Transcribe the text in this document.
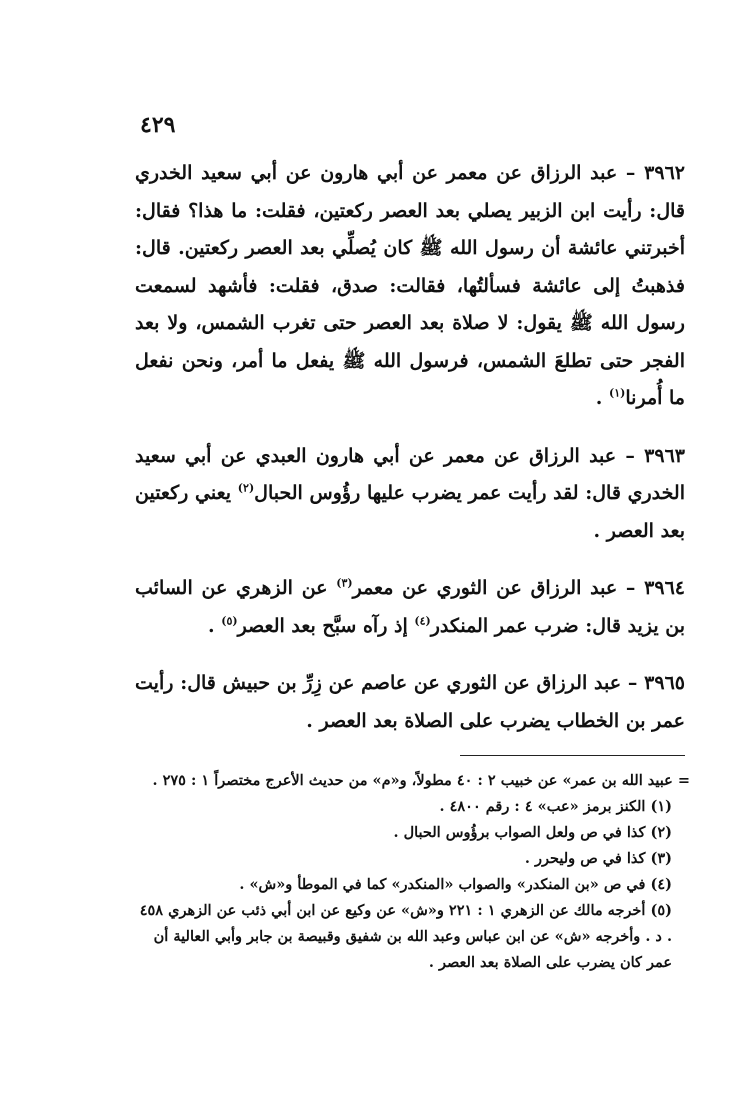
٤٢٩

٣٩٦٢ – عبد الرزاق عن معمر عن أبي هارون عن أبي سعيد الخدري قال: رأيت ابن الزبير يصلي بعد العصر ركعتين، فقلت: ما هذا؟ فقال: أخبرتني عائشة أن رسول الله ﷺ كان يُصلِّي بعد العصر ركعتين. قال: فذهبتُ إلى عائشة فسألتُها، فقالت: صدق، فقلت: فأشهد لسمعت رسول الله ﷺ يقول: لا صلاة بعد العصر حتى تغرب الشمس، ولا بعد الفجر حتى تطلعَ الشمس، فرسول الله ﷺ يفعل ما أمر، ونحن نفعل ما أُمرنا$^{(١)}$ .

٣٩٦٣ – عبد الرزاق عن معمر عن أبي هارون العبدي عن أبي سعيد الخدري قال: لقد رأيت عمر يضرب عليها رؤُوس الحبال$^{(٢)}$ يعني ركعتين بعد العصر .

٣٩٦٤ – عبد الرزاق عن الثوري عن معمر$^{(٣)}$ عن الزهري عن السائب بن يزيد قال: ضرب عمر المنكدر$^{(٤)}$ إذ رآه سبَّح بعد العصر$^{(٥)}$ .

٣٩٦٥ – عبد الرزاق عن الثوري عن عاصم عن زِرِّ بن حبيش قال: رأيت عمر بن الخطاب يضرب على الصلاة بعد العصر .

= عبيد الله بن عمر» عن خبيب ٢ : ٤٠ مطولاً، و«م» من حديث الأعرج مختصراً ١ : ٢٧٥ .

(١) الكنز برمز «عب» ٤ : رقم ٤٨٠٠ .

(٢) كذا في ص ولعل الصواب برؤُوس الحبال .

(٣) كذا في ص وليحرر .

(٤) في ص «بن المنكدر» والصواب «المنكدر» كما في الموطأ و«ش» .

(٥) أخرجه مالك عن الزهري ١ : ٢٢١ و«ش» عن وكيع عن ابن أبي ذئب عن الزهري ٤٥٨ . د . وأخرجه «ش» عن ابن عباس وعبد الله بن شفيق وقبيصة بن جابر وأبي العالية أن عمر كان يضرب على الصلاة بعد العصر .
